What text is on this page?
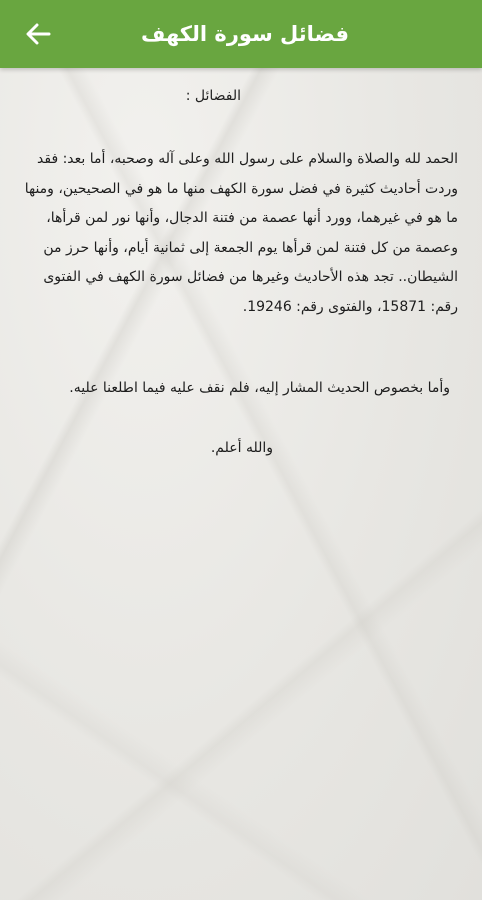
فضائل سورة الكهف
الفضائل :

الحمد لله والصلاة والسلام على رسول الله وعلى آله وصحبه، أما بعد: فقد وردت أحاديث كثيرة في فضل سورة الكهف منها ما هو في الصحيحين، ومنها ما هو في غيرهما، وورد أنها عصمة من فتنة الدجال، وأنها نور لمن قرأها، وعصمة من كل فتنة لمن قرأها يوم الجمعة إلى ثمانية أيام، وأنها حرز من الشيطان.. تجد هذه الأحاديث وغيرها من فضائل سورة الكهف في الفتوى رقم: 15871، والفتوى رقم: 19246.

وأما بخصوص الحديث المشار إليه، فلم نقف عليه فيما اطلعنا عليه.
والله أعلم.
